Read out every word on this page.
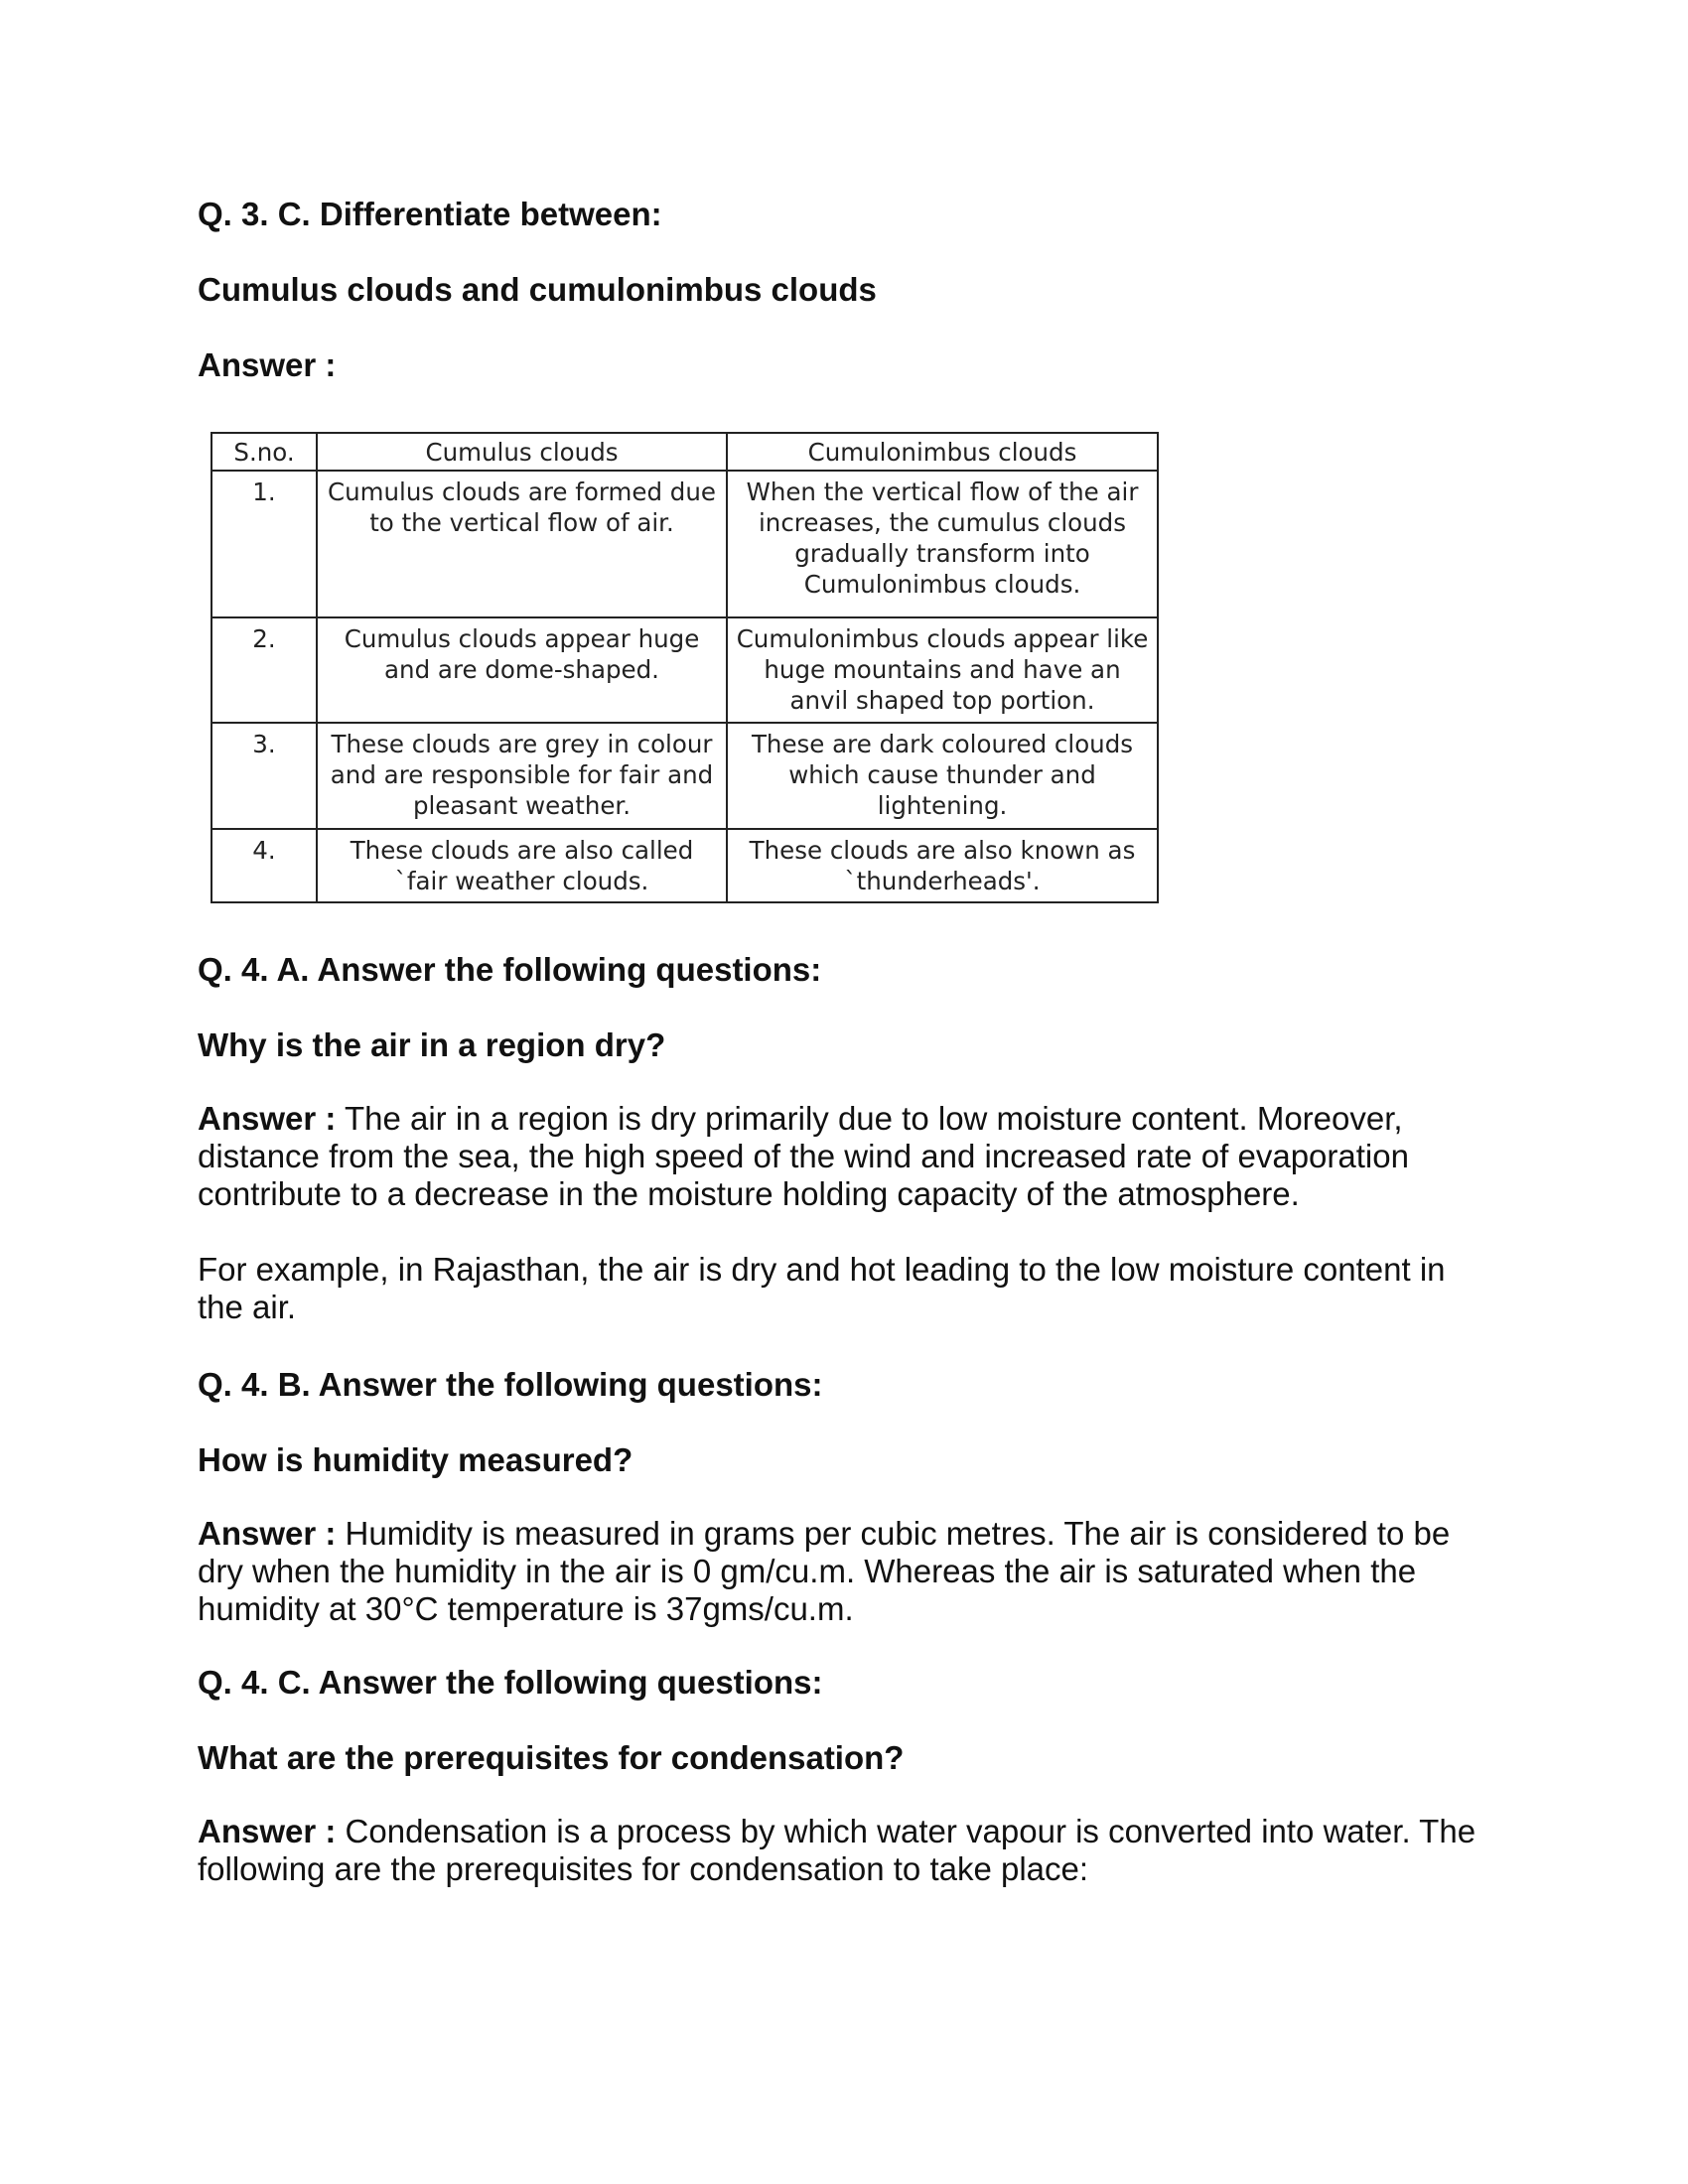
Q. 3. C. Differentiate between:

Cumulus clouds and cumulonimbus clouds

Answer :

S.no.	Cumulus clouds	Cumulonimbus clouds
1.	Cumulus clouds are formed due to the vertical flow of air.	When the vertical flow of the air increases, the cumulus clouds gradually transform into Cumulonimbus clouds.
2.	Cumulus clouds appear huge and are dome-shaped.	Cumulonimbus clouds appear like huge mountains and have an anvil shaped top portion.
3.	These clouds are grey in colour and are responsible for fair and pleasant weather.	These are dark coloured clouds which cause thunder and lightening.
4.	These clouds are also called `fair weather clouds.	These clouds are also known as `thunderheads'.

Q. 4. A. Answer the following questions:

Why is the air in a region dry?

Answer : The air in a region is dry primarily due to low moisture content. Moreover, distance from the sea, the high speed of the wind and increased rate of evaporation contribute to a decrease in the moisture holding capacity of the atmosphere.

For example, in Rajasthan, the air is dry and hot leading to the low moisture content in the air.

Q. 4. B. Answer the following questions:

How is humidity measured?

Answer : Humidity is measured in grams per cubic metres. The air is considered to be dry when the humidity in the air is 0 gm/cu.m. Whereas the air is saturated when the humidity at 30°C temperature is 37gms/cu.m.

Q. 4. C. Answer the following questions:

What are the prerequisites for condensation?

Answer : Condensation is a process by which water vapour is converted into water. The following are the prerequisites for condensation to take place:
